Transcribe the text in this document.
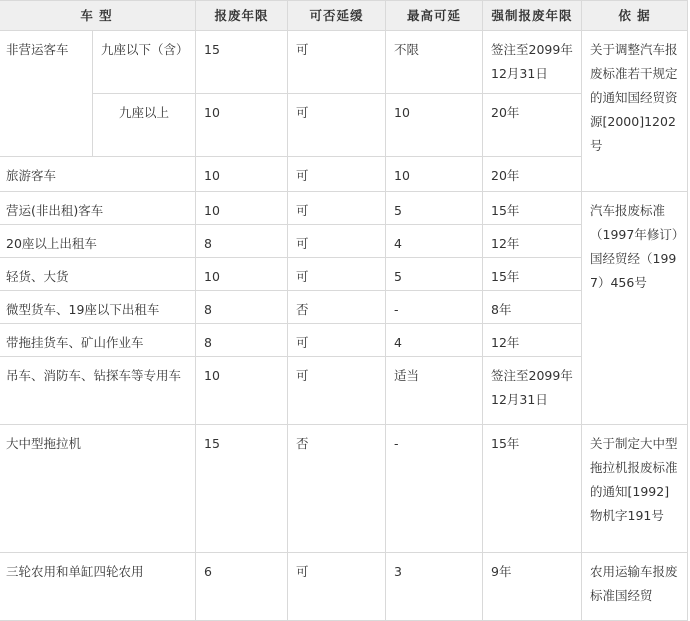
车 型		报废年限	可否延缓	最高可延	强制报废年限	依 据
非营运客车	九座以下（含）	15	可	不限	签注至2099年12月31日	关于调整汽车报废标准若干规定的通知国经贸资源[2000]1202号
	九座以上	10	可	10	20年	
旅游客车		10	可	10	20年	
营运(非出租)客车		10	可	5	15年	汽车报废标准（1997年修订）国经贸经（1997）456号
20座以上出租车		8	可	4	12年	
轻货、大货		10	可	5	15年	
微型货车、19座以下出租车		8	否	-	8年	
带拖挂货车、矿山作业车		8	可	4	12年	
吊车、消防车、钻探车等专用车		10	可	适当	签注至2099年12月31日	
大中型拖拉机		15	否	-	15年	关于制定大中型拖拉机报废标准的通知[1992]物机字191号
三轮农用和单缸四轮农用		6	可	3	9年	农用运输车报废标准国经贸
